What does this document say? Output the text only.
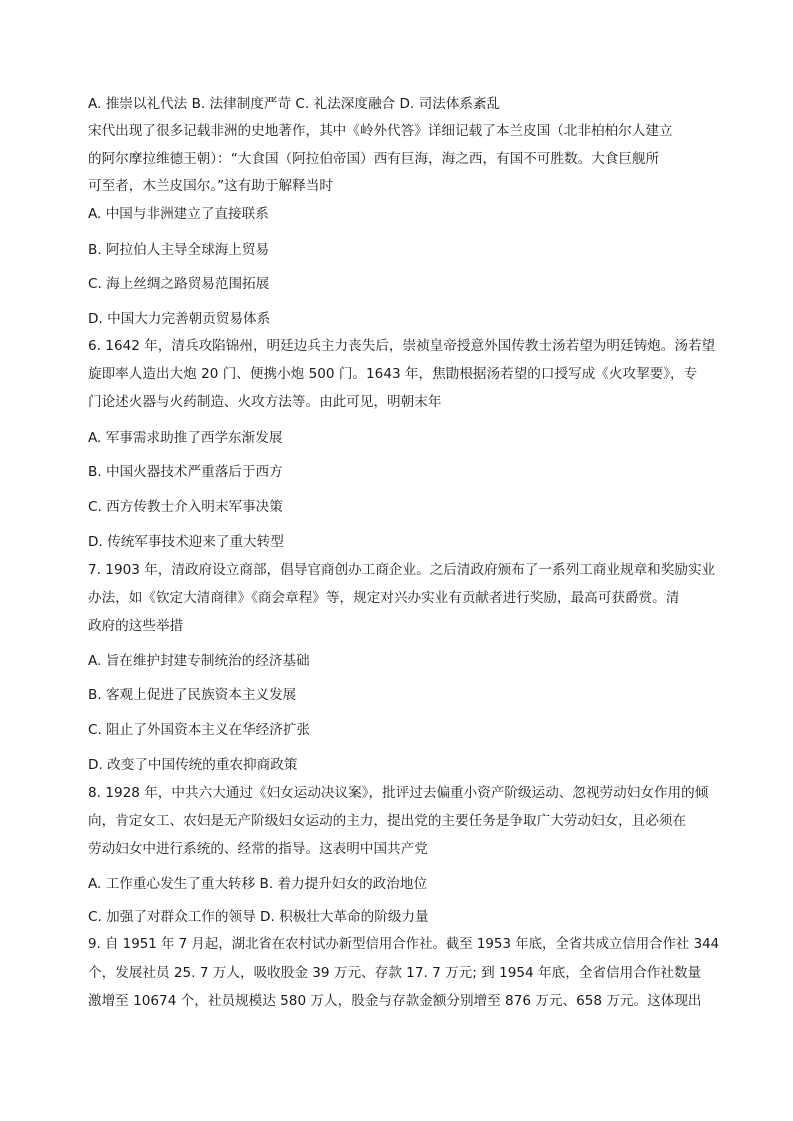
A. 推崇以礼代法 B. 法律制度严苛 C. 礼法深度融合 D. 司法体系紊乱
宋代出现了很多记载非洲的史地著作，其中《岭外代答》详细记载了本兰皮国（北非柏柏尔人建立
的阿尔摩拉维德王朝）：“大食国（阿拉伯帝国）西有巨海，海之西，有国不可胜数。大食巨舰所
可至者，木兰皮国尔。”这有助于解释当时
A. 中国与非洲建立了直接联系
B. 阿拉伯人主导全球海上贸易
C. 海上丝绸之路贸易范围拓展
D. 中国大力完善朝贡贸易体系
6. 1642 年，清兵攻陷锦州，明廷边兵主力丧失后，崇祯皇帝授意外国传教士汤若望为明廷铸炮。汤若望
旋即率人造出大炮 20 门、便携小炮 500 门。1643 年，焦勖根据汤若望的口授写成《火攻挈要》，专
门论述火器与火药制造、火攻方法等。由此可见，明朝末年
A. 军事需求助推了西学东渐发展
B. 中国火器技术严重落后于西方
C. 西方传教士介入明末军事决策
D. 传统军事技术迎来了重大转型
7. 1903 年，清政府设立商部，倡导官商创办工商企业。之后清政府颁布了一系列工商业规章和奖励实业
办法，如《钦定大清商律》《商会章程》等，规定对兴办实业有贡献者进行奖励，最高可获爵赏。清
政府的这些举措
A. 旨在维护封建专制统治的经济基础
B. 客观上促进了民族资本主义发展
C. 阻止了外国资本主义在华经济扩张
D. 改变了中国传统的重农抑商政策
8. 1928 年，中共六大通过《妇女运动决议案》，批评过去偏重小资产阶级运动、忽视劳动妇女作用的倾
向，肯定女工、农妇是无产阶级妇女运动的主力，提出党的主要任务是争取广大劳动妇女，且必须在
劳动妇女中进行系统的、经常的指导。这表明中国共产党
A. 工作重心发生了重大转移 B. 着力提升妇女的政治地位
C. 加强了对群众工作的领导 D. 积极壮大革命的阶级力量
9. 自 1951 年 7 月起，湖北省在农村试办新型信用合作社。截至 1953 年底，全省共成立信用合作社 344
个，发展社员 25. 7 万人，吸收股金 39 万元、存款 17. 7 万元; 到 1954 年底，全省信用合作社数量
激增至 10674 个，社员规模达 580 万人，股金与存款金额分别增至 876 万元、658 万元。这体现出
